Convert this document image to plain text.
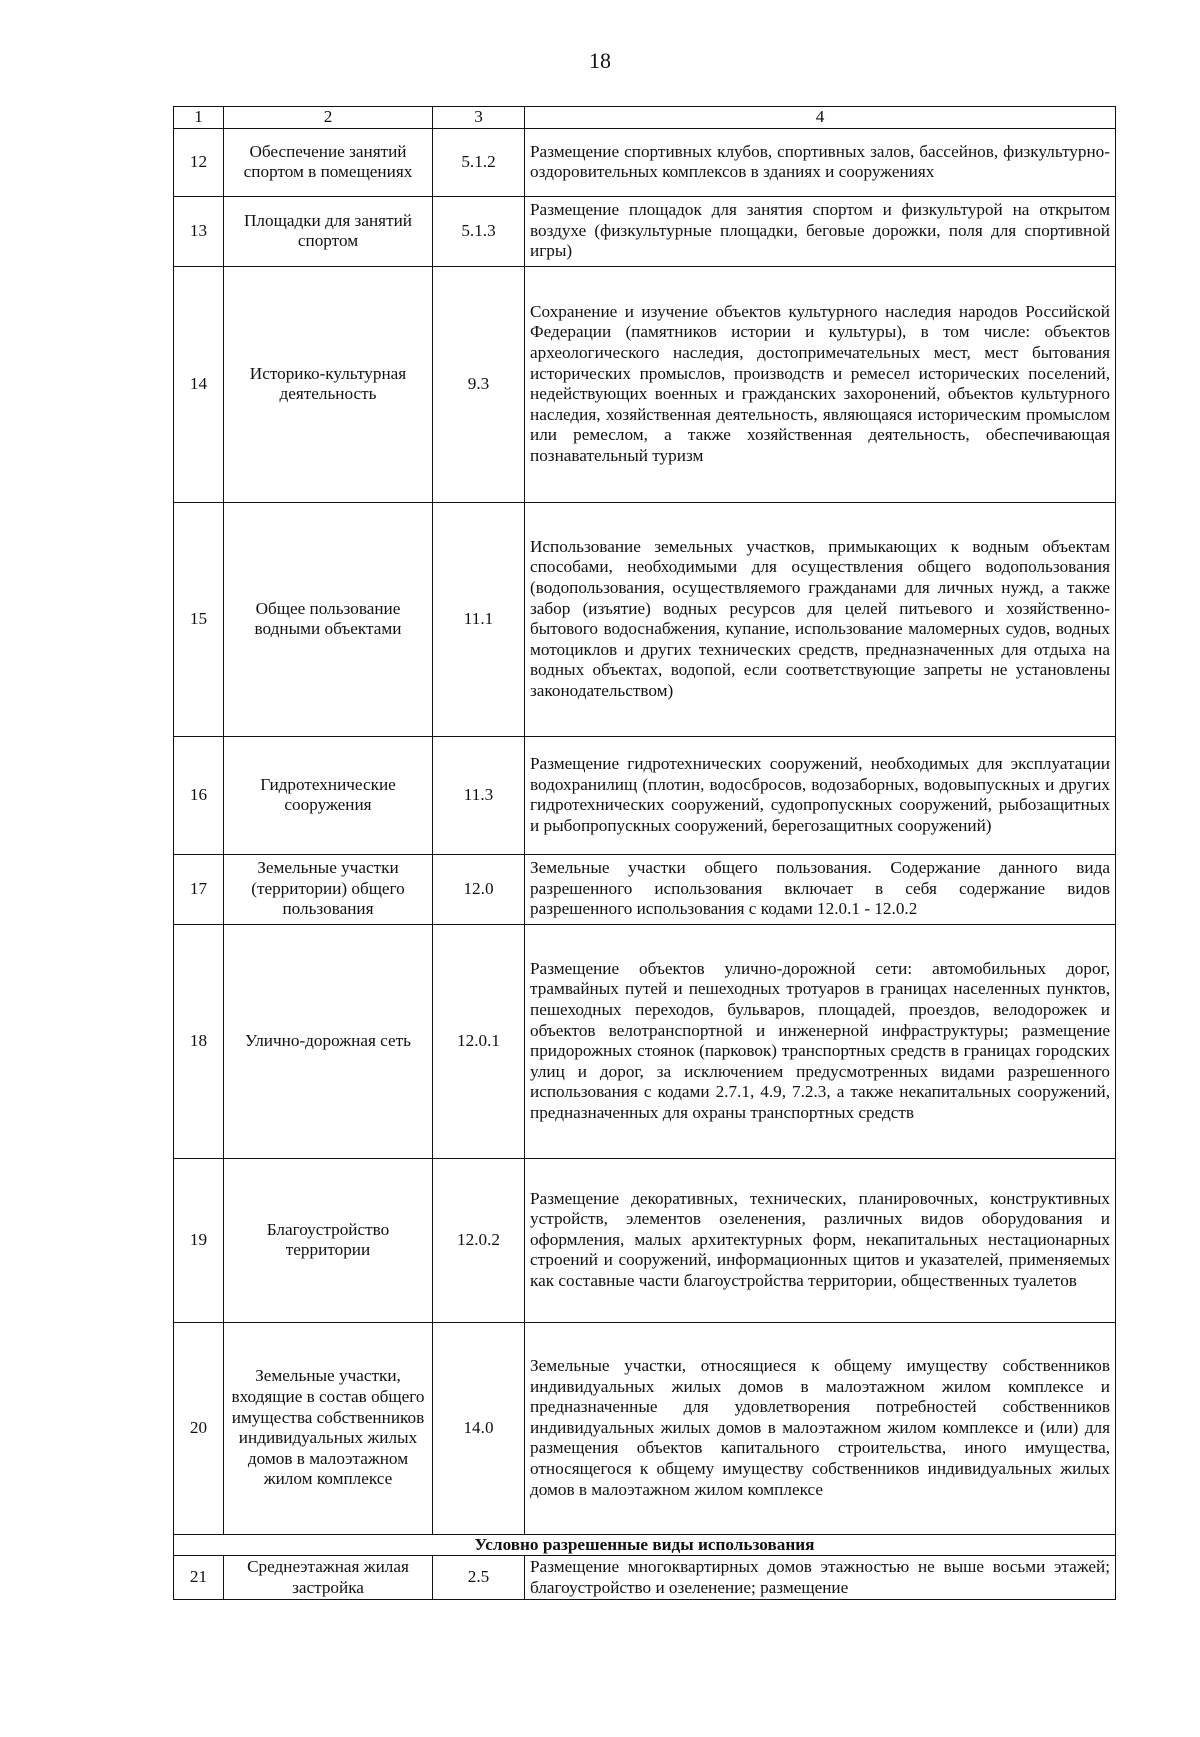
18
1	2	3	4
12	Обеспечение занятий спортом в помещениях	5.1.2	Размещение спортивных клубов, спортивных залов, бассейнов, физкультурно-оздоровительных комплексов в зданиях и сооружениях
13	Площадки для занятий спортом	5.1.3	Размещение площадок для занятия спортом и физкультурой на открытом воздухе (физкультурные площадки, беговые дорожки, поля для спортивной игры)
14	Историко-культурная деятельность	9.3	Сохранение и изучение объектов культурного наследия народов Российской Федерации (памятников истории и культуры), в том числе: объектов археологического наследия, достопримечательных мест, мест бытования исторических промыслов, производств и ремесел исторических поселений, недействующих военных и гражданских захоронений, объектов культурного наследия, хозяйственная деятельность, являющаяся историческим промыслом или ремеслом, а также хозяйственная деятельность, обеспечивающая познавательный туризм
15	Общее пользование водными объектами	11.1	Использование земельных участков, примыкающих к водным объектам способами, необходимыми для осуществления общего водопользования (водопользования, осуществляемого гражданами для личных нужд, а также забор (изъятие) водных ресурсов для целей питьевого и хозяйственно-бытового водоснабжения, купание, использование маломерных судов, водных мотоциклов и других технических средств, предназначенных для отдыха на водных объектах, водопой, если соответствующие запреты не установлены законодательством)
16	Гидротехнические сооружения	11.3	Размещение гидротехнических сооружений, необходимых для эксплуатации водохранилищ (плотин, водосбросов, водозаборных, водовыпускных и других гидротехнических сооружений, судопропускных сооружений, рыбозащитных и рыбопропускных сооружений, берегозащитных сооружений)
17	Земельные участки (территории) общего пользования	12.0	Земельные участки общего пользования. Содержание данного вида разрешенного использования включает в себя содержание видов разрешенного использования с кодами 12.0.1 - 12.0.2
18	Улично-дорожная сеть	12.0.1	Размещение объектов улично-дорожной сети: автомобильных дорог, трамвайных путей и пешеходных тротуаров в границах населенных пунктов, пешеходных переходов, бульваров, площадей, проездов, велодорожек и объектов велотранспортной и инженерной инфраструктуры; размещение придорожных стоянок (парковок) транспортных средств в границах городских улиц и дорог, за исключением предусмотренных видами разрешенного использования с кодами 2.7.1, 4.9, 7.2.3, а также некапитальных сооружений, предназначенных для охраны транспортных средств
19	Благоустройство территории	12.0.2	Размещение декоративных, технических, планировочных, конструктивных устройств, элементов озеленения, различных видов оборудования и оформления, малых архитектурных форм, некапитальных нестационарных строений и сооружений, информационных щитов и указателей, применяемых как составные части благоустройства территории, общественных туалетов
20	Земельные участки, входящие в состав общего имущества собственников индивидуальных жилых домов в малоэтажном жилом комплексе	14.0	Земельные участки, относящиеся к общему имуществу собственников индивидуальных жилых домов в малоэтажном жилом комплексе и предназначенные для удовлетворения потребностей собственников индивидуальных жилых домов в малоэтажном жилом комплексе и (или) для размещения объектов капитального строительства, иного имущества, относящегося к общему имуществу собственников индивидуальных жилых домов в малоэтажном жилом комплексе
Условно разрешенные виды использования			
21	Среднеэтажная жилая застройка	2.5	Размещение многоквартирных домов этажностью не выше восьми этажей; благоустройство и озеленение; размещение
